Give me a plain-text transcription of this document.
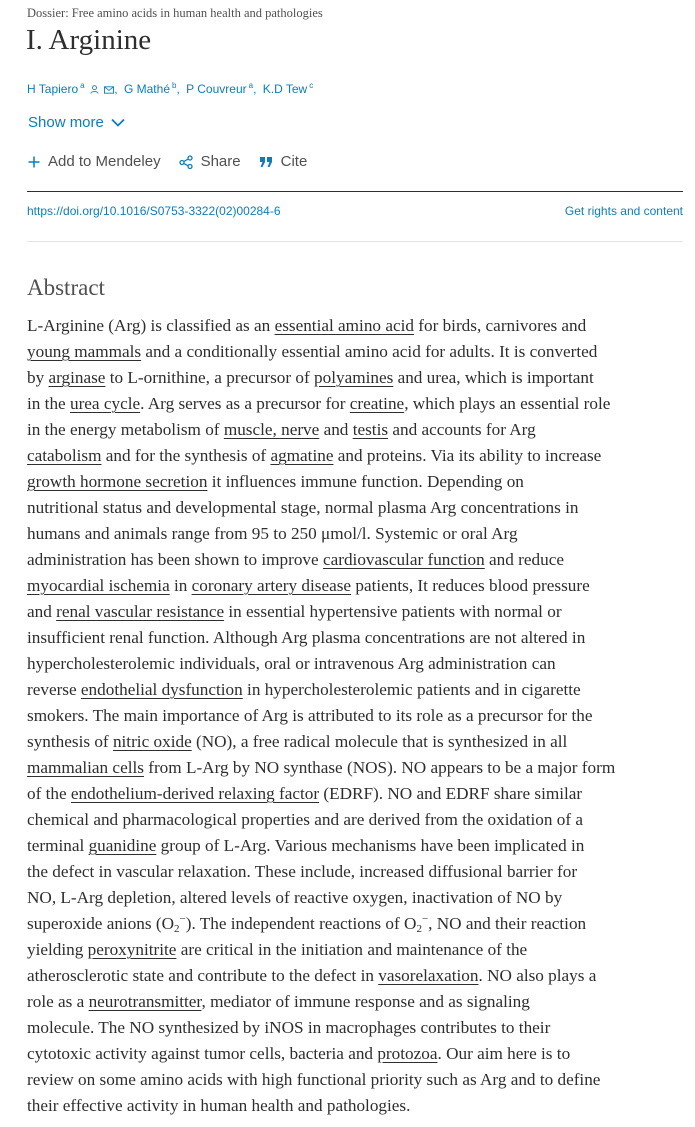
Dossier: Free amino acids in human health and pathologies
I. Arginine
H Tapiero $^a$ , G Mathé $^b$, P Couvreur $^a$, K.D Tew $^c$
Show more
Add to Mendeley	Share	Cite
https://doi.org/10.1016/S0753-3322(02)00284-6	Get rights and content
Abstract
L-Arginine (Arg) is classified as an essential amino acid for birds, carnivores and
young mammals and a conditionally essential amino acid for adults. It is converted
by arginase to L-ornithine, a precursor of polyamines and urea, which is important
in the urea cycle. Arg serves as a precursor for creatine, which plays an essential role
in the energy metabolism of muscle, nerve and testis and accounts for Arg
catabolism and for the synthesis of agmatine and proteins. Via its ability to increase
growth hormone secretion it influences immune function. Depending on
nutritional status and developmental stage, normal plasma Arg concentrations in
humans and animals range from 95 to 250 μmol/l. Systemic or oral Arg
administration has been shown to improve cardiovascular function and reduce
myocardial ischemia in coronary artery disease patients, It reduces blood pressure
and renal vascular resistance in essential hypertensive patients with normal or
insufficient renal function. Although Arg plasma concentrations are not altered in
hypercholesterolemic individuals, oral or intravenous Arg administration can
reverse endothelial dysfunction in hypercholesterolemic patients and in cigarette
smokers. The main importance of Arg is attributed to its role as a precursor for the
synthesis of nitric oxide (NO), a free radical molecule that is synthesized in all
mammalian cells from L-Arg by NO synthase (NOS). NO appears to be a major form
of the endothelium-derived relaxing factor (EDRF). NO and EDRF share similar
chemical and pharmacological properties and are derived from the oxidation of a
terminal guanidine group of L-Arg. Various mechanisms have been implicated in
the defect in vascular relaxation. These include, increased diffusional barrier for
NO, L-Arg depletion, altered levels of reactive oxygen, inactivation of NO by
superoxide anions $(O_2^-)$. The independent reactions of $O_2^-$, NO and their reaction
yielding peroxynitrite are critical in the initiation and maintenance of the
atherosclerotic state and contribute to the defect in vasorelaxation. NO also plays a
role as a neurotransmitter, mediator of immune response and as signaling
molecule. The NO synthesized by iNOS in macrophages contributes to their
cytotoxic activity against tumor cells, bacteria and protozoa. Our aim here is to
review on some amino acids with high functional priority such as Arg and to define
their effective activity in human health and pathologies.
